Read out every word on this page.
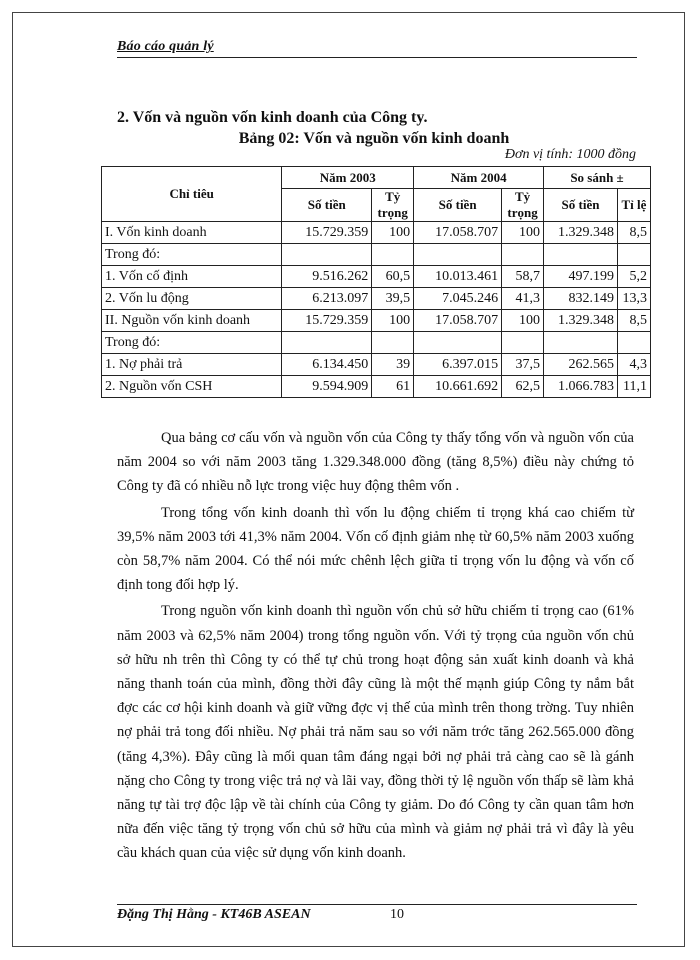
Báo cáo quản lý
2. Vốn và nguồn vốn kinh doanh của Công ty.
Bảng 02: Vốn và nguồn vốn kinh doanh
Đơn vị tính: 1000 đồng
Chỉ tiêu	Năm 2003		Năm 2004		So sánh ±	
	Số tiền	Tỷ trọng	Số tiền	Tỷ trọng	Số tiền	Tỉ lệ
I. Vốn kinh doanh	15.729.359	100	17.058.707	100	1.329.348	8,5
Trong đó:						
1. Vốn cố định	9.516.262	60,5	10.013.461	58,7	497.199	5,2
2. Vốn lu động	6.213.097	39,5	7.045.246	41,3	832.149	13,3
II. Nguồn vốn kinh doanh	15.729.359	100	17.058.707	100	1.329.348	8,5
Trong đó:						
1. Nợ phải trả	6.134.450	39	6.397.015	37,5	262.565	4,3
2. Nguồn vốn CSH	9.594.909	61	10.661.692	62,5	1.066.783	11,1

Qua bảng cơ cấu vốn và nguồn vốn của Công ty thấy tổng vốn và nguồn vốn của năm 2004 so với năm 2003 tăng 1.329.348.000 đồng (tăng 8,5%) điều này chứng tỏ Công ty đã có nhiều nỗ lực trong việc huy động thêm vốn .

Trong tổng vốn kinh doanh thì vốn lu động chiếm tỉ trọng khá cao chiếm từ 39,5% năm 2003 tới 41,3% năm 2004. Vốn cố định giảm nhẹ từ 60,5% năm 2003 xuống còn 58,7% năm 2004. Có thể nói mức chênh lệch giữa tỉ trọng vốn lu động và vốn cố định tong đối hợp lý.

Trong nguồn vốn kinh doanh thì nguồn vốn chủ sở hữu chiếm tỉ trọng cao (61% năm 2003 và 62,5% năm 2004) trong tổng nguồn vốn. Với tỷ trọng của nguồn vốn chủ sở hữu nh trên thì Công ty có thể tự chủ trong hoạt động sản xuất kinh doanh và khả năng thanh toán của mình, đồng thời đây cũng là một thế mạnh giúp Công ty nắm bắt đợc các cơ hội kinh doanh và giữ vững đợc vị thế của mình trên thong trờng. Tuy nhiên nợ phải trả tong đối nhiều. Nợ phải trả năm sau so với năm trớc tăng 262.565.000 đồng (tăng 4,3%). Đây cũng là mối quan tâm đáng ngại bởi nợ phải trả càng cao sẽ là gánh nặng cho Công ty trong việc trả nợ và lãi vay, đồng thời tỷ lệ nguồn vốn thấp sẽ làm khả năng tự tài trợ độc lập về tài chính của Công ty giảm. Do đó Công ty cần quan tâm hơn nữa đến việc tăng tỷ trọng vốn chủ sở hữu của mình và giảm nợ phải trả vì đây là yêu cầu khách quan của việc sử dụng vốn kinh doanh.

Đặng Thị Hằng - KT46B ASEAN	10
